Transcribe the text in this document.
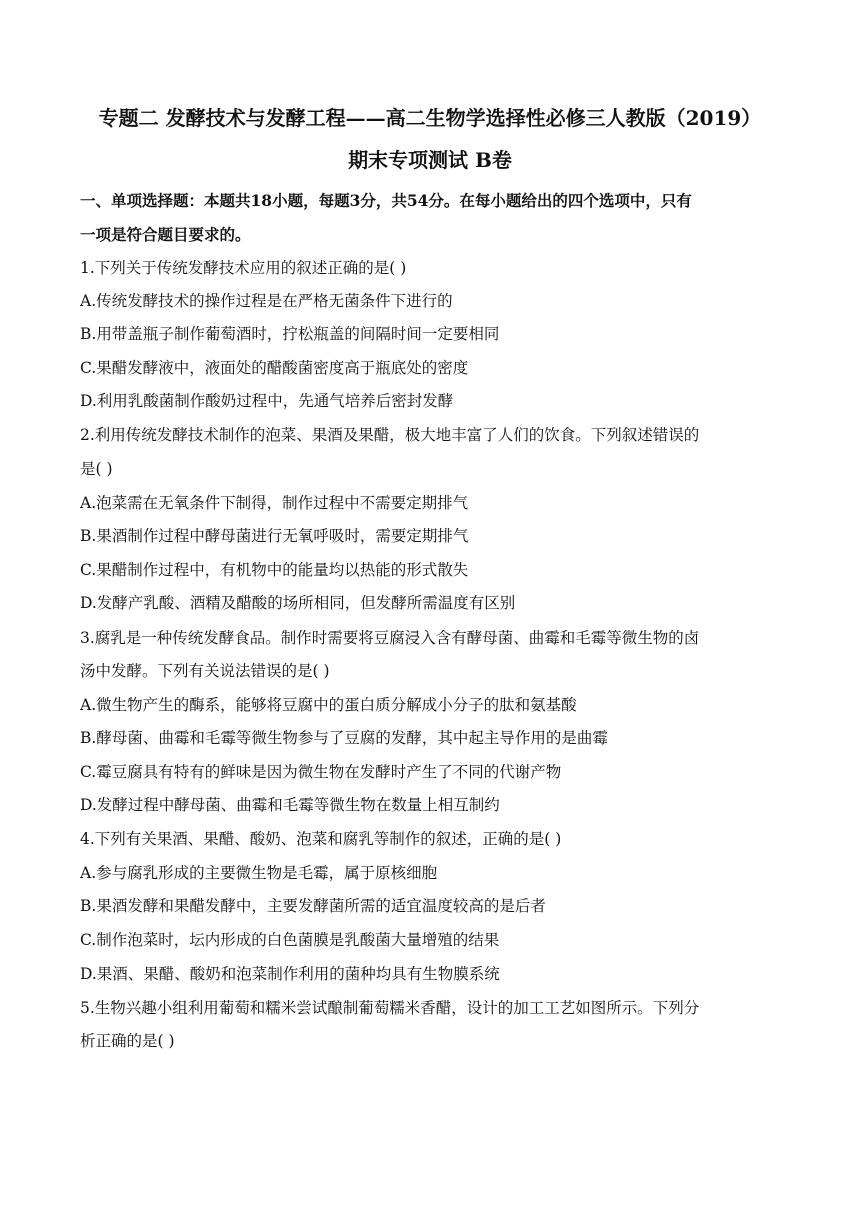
专题二 发酵技术与发酵工程——高二生物学选择性必修三人教版（2019）
期末专项测试 B卷
一、单项选择题：本题共18小题，每题3分，共54分。在每小题给出的四个选项中，只有
一项是符合题目要求的。
1.下列关于传统发酵技术应用的叙述正确的是( )
A.传统发酵技术的操作过程是在严格无菌条件下进行的
B.用带盖瓶子制作葡萄酒时，拧松瓶盖的间隔时间一定要相同
C.果醋发酵液中，液面处的醋酸菌密度高于瓶底处的密度
D.利用乳酸菌制作酸奶过程中，先通气培养后密封发酵
2.利用传统发酵技术制作的泡菜、果酒及果醋，极大地丰富了人们的饮食。下列叙述错误的
是( )
A.泡菜需在无氧条件下制得，制作过程中不需要定期排气
B.果酒制作过程中酵母菌进行无氧呼吸时，需要定期排气
C.果醋制作过程中，有机物中的能量均以热能的形式散失
D.发酵产乳酸、酒精及醋酸的场所相同，但发酵所需温度有区别
3.腐乳是一种传统发酵食品。制作时需要将豆腐浸入含有酵母菌、曲霉和毛霉等微生物的卤
汤中发酵。下列有关说法错误的是( )
A.微生物产生的酶系，能够将豆腐中的蛋白质分解成小分子的肽和氨基酸
B.酵母菌、曲霉和毛霉等微生物参与了豆腐的发酵，其中起主导作用的是曲霉
C.霉豆腐具有特有的鲜味是因为微生物在发酵时产生了不同的代谢产物
D.发酵过程中酵母菌、曲霉和毛霉等微生物在数量上相互制约
4.下列有关果酒、果醋、酸奶、泡菜和腐乳等制作的叙述，正确的是( )
A.参与腐乳形成的主要微生物是毛霉，属于原核细胞
B.果酒发酵和果醋发酵中，主要发酵菌所需的适宜温度较高的是后者
C.制作泡菜时，坛内形成的白色菌膜是乳酸菌大量增殖的结果
D.果酒、果醋、酸奶和泡菜制作利用的菌种均具有生物膜系统
5.生物兴趣小组利用葡萄和糯米尝试酿制葡萄糯米香醋，设计的加工工艺如图所示。下列分
析正确的是( )
